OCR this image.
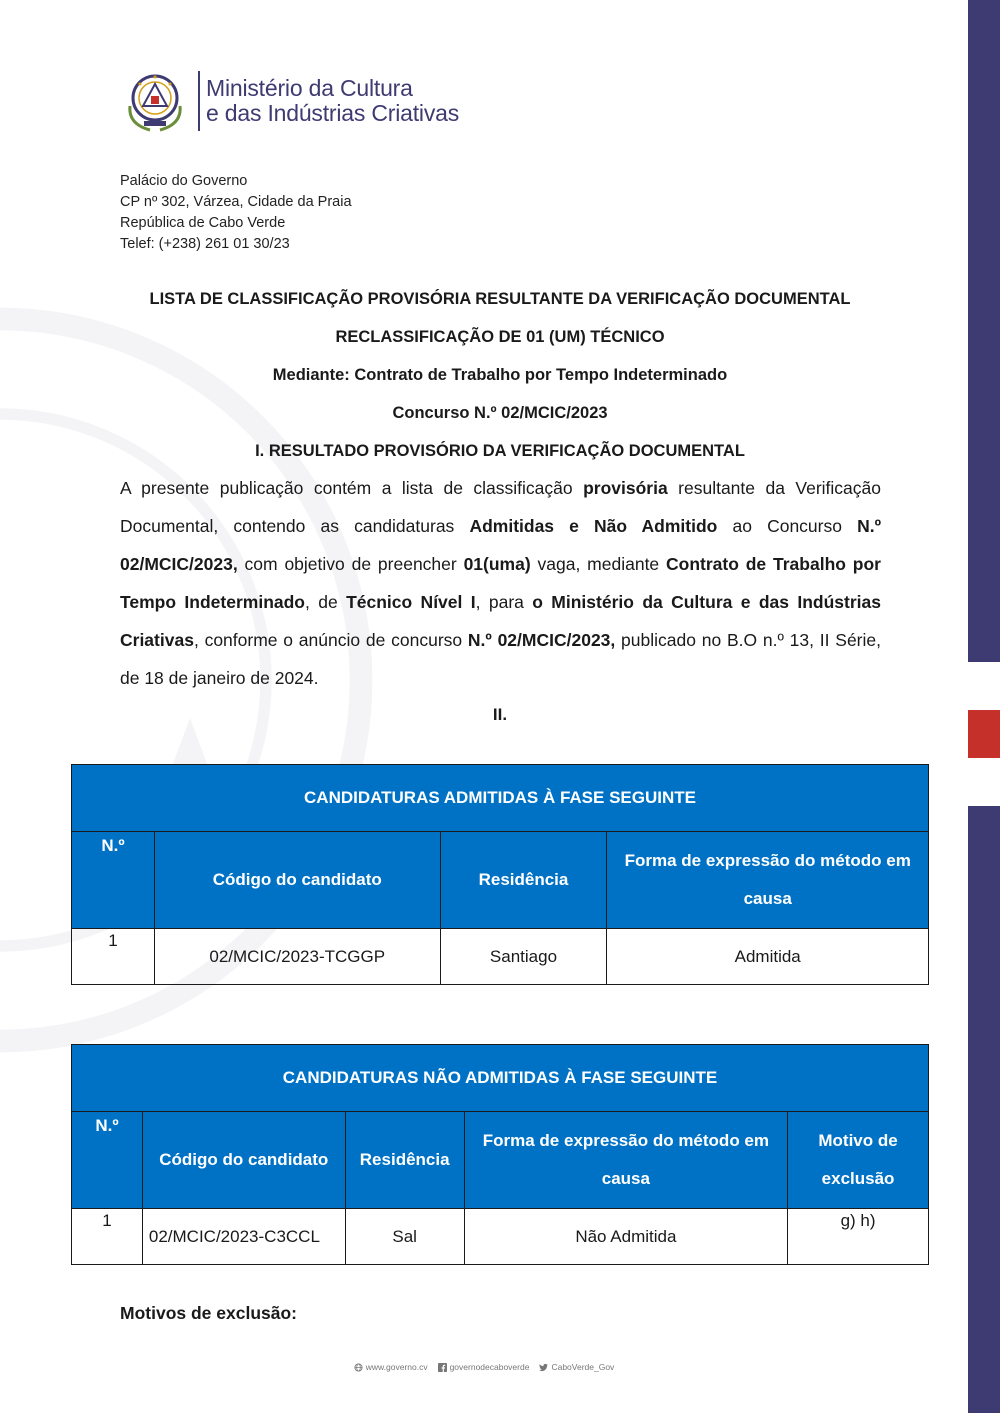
Ministério da Cultura
e das Indústrias Criativas
Palácio do Governo
CP nº 302, Várzea, Cidade da Praia
República de Cabo Verde
Telef: (+238) 261 01 30/23
LISTA DE CLASSIFICAÇÃO PROVISÓRIA RESULTANTE DA VERIFICAÇÃO DOCUMENTAL
RECLASSIFICAÇÃO DE 01 (UM) TÉCNICO
Mediante: Contrato de Trabalho por Tempo Indeterminado
Concurso N.º 02/MCIC/2023
I. RESULTADO PROVISÓRIO DA VERIFICAÇÃO DOCUMENTAL
A presente publicação contém a lista de classificação provisória resultante da Verificação Documental, contendo as candidaturas Admitidas e Não Admitido ao Concurso N.º 02/MCIC/2023, com objetivo de preencher 01(uma) vaga, mediante Contrato de Trabalho por Tempo Indeterminado, de Técnico Nível I, para o Ministério da Cultura e das Indústrias Criativas, conforme o anúncio de concurso N.º 02/MCIC/2023, publicado no B.O n.º 13, II Série, de 18 de janeiro de 2024.
II.
CANDIDATURAS ADMITIDAS À FASE SEGUINTE			
N.º	Código do candidato	Residência	Forma de expressão do método em causa
1	02/MCIC/2023-TCGGP	Santiago	Admitida
CANDIDATURAS NÃO ADMITIDAS À FASE SEGUINTE				
N.º	Código do candidato	Residência	Forma de expressão do método em causa	Motivo de exclusão
1	02/MCIC/2023-C3CCL	Sal	Não Admitida	g) h)
Motivos de exclusão:
www.governo.cv	governodecaboverde	CaboVerde_Gov
